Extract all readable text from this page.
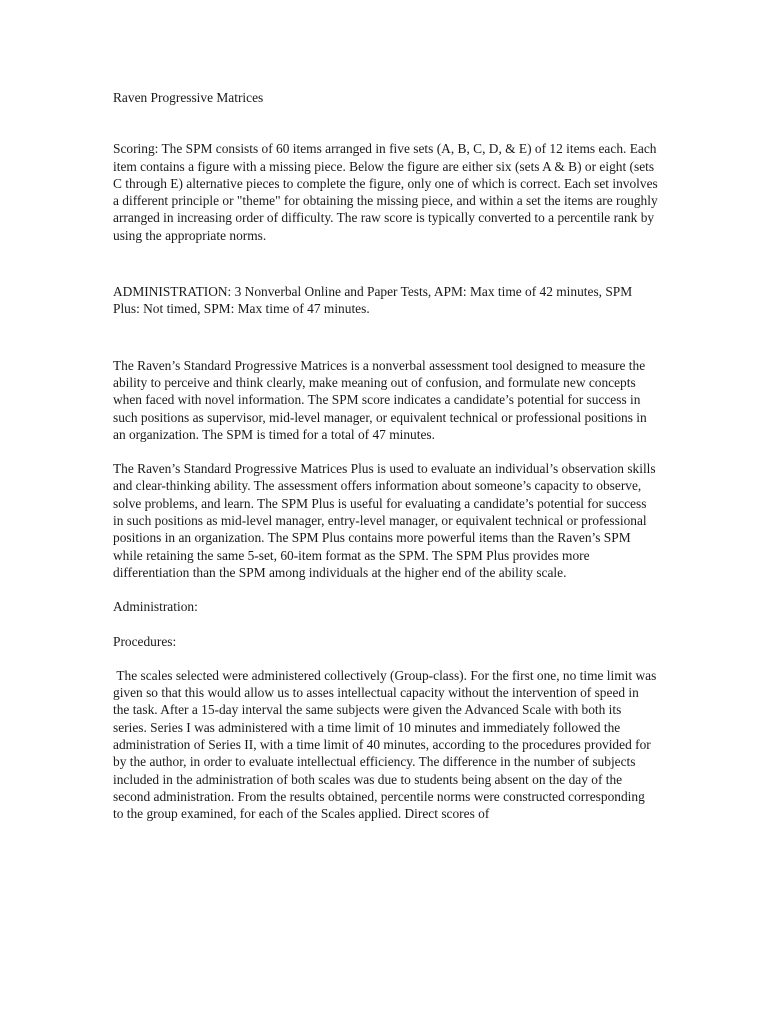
Raven Progressive Matrices

Scoring: The SPM consists of 60 items arranged in five sets (A, B, C, D, & E) of 12 items each. Each item contains a figure with a missing piece. Below the figure are either six (sets A & B) or eight (sets C through E) alternative pieces to complete the figure, only one of which is correct. Each set involves a different principle or "theme" for obtaining the missing piece, and within a set the items are roughly arranged in increasing order of difficulty. The raw score is typically converted to a percentile rank by using the appropriate norms.

ADMINISTRATION: 3 Nonverbal Online and Paper Tests, APM: Max time of 42 minutes, SPM Plus: Not timed, SPM: Max time of 47 minutes.

The Raven’s Standard Progressive Matrices is a nonverbal assessment tool designed to measure the ability to perceive and think clearly, make meaning out of confusion, and formulate new concepts when faced with novel information. The SPM score indicates a candidate’s potential for success in such positions as supervisor, mid-level manager, or equivalent technical or professional positions in an organization. The SPM is timed for a total of 47 minutes.

The Raven’s Standard Progressive Matrices Plus is used to evaluate an individual’s observation skills and clear-thinking ability. The assessment offers information about someone’s capacity to observe, solve problems, and learn. The SPM Plus is useful for evaluating a candidate’s potential for success in such positions as mid-level manager, entry-level manager, or equivalent technical or professional positions in an organization. The SPM Plus contains more powerful items than the Raven’s SPM while retaining the same 5-set, 60-item format as the SPM. The SPM Plus provides more differentiation than the SPM among individuals at the higher end of the ability scale.

Administration:

Procedures:

The scales selected were administered collectively (Group-class). For the first one, no time limit was given so that this would allow us to asses intellectual capacity without the intervention of speed in the task. After a 15-day interval the same subjects were given the Advanced Scale with both its series. Series I was administered with a time limit of 10 minutes and immediately followed the administration of Series II, with a time limit of 40 minutes, according to the procedures provided for by the author, in order to evaluate intellectual efficiency. The difference in the number of subjects included in the administration of both scales was due to students being absent on the day of the second administration. From the results obtained, percentile norms were constructed corresponding to the group examined, for each of the Scales applied. Direct scores of
